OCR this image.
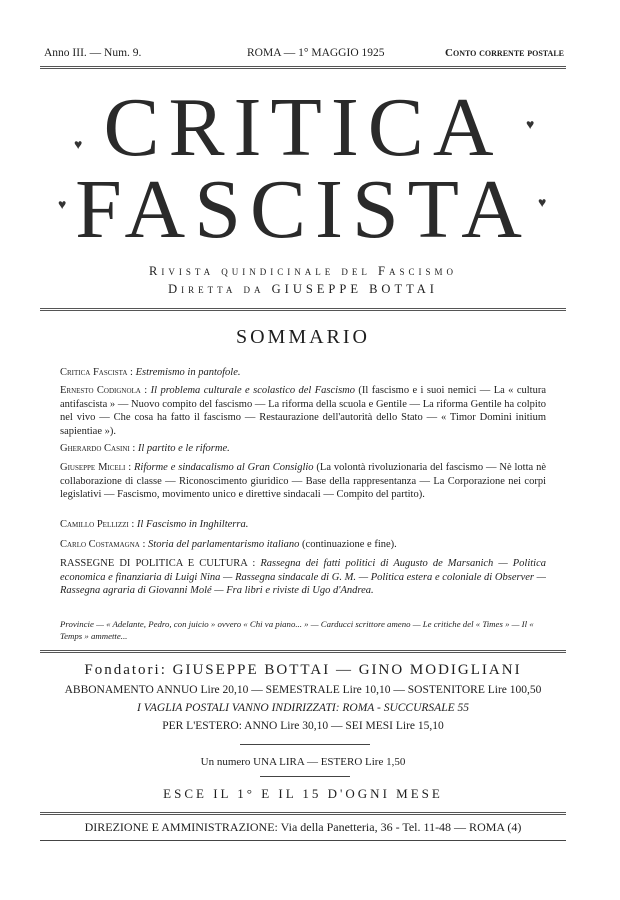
Anno III. — Num. 9.	ROMA — 1° MAGGIO 1925	Conto corrente postale
CRITICA
FASCISTA
♥
♥
♥	♥
Rivista quindicinale del Fascismo
Diretta da GIUSEPPE BOTTAI
SOMMARIO
Critica Fascista : Estremismo in pantofole.
Ernesto Codignola : Il problema culturale e scolastico del Fascismo (Il fascismo e i suoi nemici — La « cultura antifascista » — Nuovo compito del fascismo — La riforma della scuola e Gentile — La riforma Gentile ha colpito nel vivo — Che cosa ha fatto il fascismo — Restaurazione dell'autorità dello Stato — « Timor Domini initium sapientiae »).
Gherardo Casini : Il partito e le riforme.
Giuseppe Miceli : Riforme e sindacalismo al Gran Consiglio (La volontà rivoluzionaria del fascismo — Nè lotta nè collaborazione di classe — Riconoscimento giuridico — Base della rappresentanza — La Corporazione nei corpi legislativi — Fascismo, movimento unico e direttive sindacali — Compito del partito).
Camillo Pellizzi : Il Fascismo in Inghilterra.
Carlo Costamagna : Storia del parlamentarismo italiano (continuazione e fine).
RASSEGNE DI POLITICA E CULTURA : Rassegna dei fatti politici di Augusto de Marsanich — Politica economica e finanziaria di Luigi Nina — Rassegna sindacale di G. M. — Politica estera e coloniale di Observer — Rassegna agraria di Giovanni Molé — Fra libri e riviste di Ugo d'Andrea.
Provincie — « Adelante, Pedro, con juicio » ovvero « Chi va piano... » — Carducci scrittore ameno — Le critiche del « Times » — Il « Temps » ammette...
Fondatori: GIUSEPPE BOTTAI — GINO MODIGLIANI
ABBONAMENTO ANNUO Lire 20,10 — SEMESTRALE Lire 10,10 — SOSTENITORE Lire 100,50
I VAGLIA POSTALI VANNO INDIRIZZATI: ROMA - SUCCURSALE 55
PER L'ESTERO: ANNO Lire 30,10 — SEI MESI Lire 15,10
Un numero UNA LIRA — ESTERO Lire 1,50
ESCE IL 1° E IL 15 D'OGNI MESE
DIREZIONE E AMMINISTRAZIONE: Via della Panetteria, 36 - Tel. 11-48 — ROMA (4)
